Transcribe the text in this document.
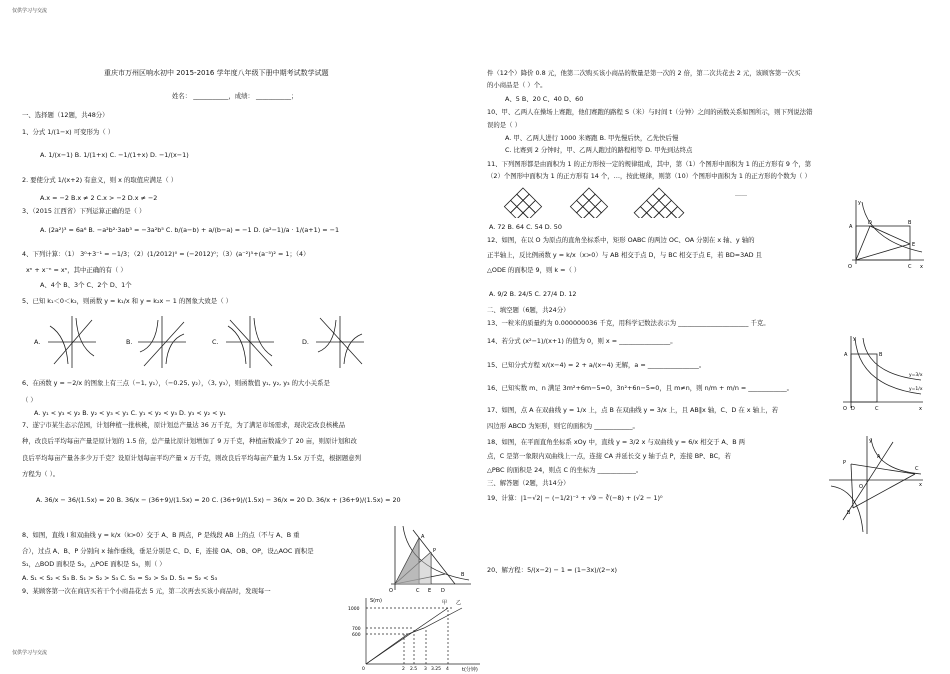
仅供学习与交流
仅供学习与交流
重庆市万州区响水初中 2015-2016 学年度八年级下册中期考试数学试题
姓名： ___________，成绩： ___________；
一、选择题（12题，共48分）
1、分式 1/(1−x) 可变形为（ ）
A. 1/(x−1) B. 1/(1+x) C. −1/(1+x) D. −1/(x−1)
2. 要使分式 1/(x+2) 有意义，则 x 的取值应满足（ ）
A.x = −2 B.x ≠ 2 C.x > −2 D.x ≠ −2
3、（2015 江西省）下列运算正确的是（ ）
A. (2a²)³ = 6a⁶ B. −a²b²·3ab³ = −3a²b⁵ C. b/(a−b) + a/(b−a) = −1 D. (a²−1)/a · 1/(a+1) = −1
4、下列计算：（1） 3⁰+3⁻¹ = −1/3；（2）(1/2012)⁰ = (−2012)⁰；（3）(a⁻²)⁵+(a⁻⁵)² = 1；（4）
xⁿ + x⁻ⁿ = xⁿ，其中正确的有（ ）
A、4个 B、3个 C、2个 D、1个
5、已知 k₁＜0＜k₂，则函数 y = k₁/x 和 y = k₂x − 1 的图象大致是（ ）
A.	B.	C.	D.
6、在函数 y = −2/x 的图象上有三点（−1, y₁），（−0.25, y₂），（3, y₃），则函数值 y₁, y₂, y₃ 的大小关系是
（ ）
A. y₁ < y₃ < y₂ B. y₂ < y₃ < y₁ C. y₁ < y₂ < y₃ D. y₃ < y₂ < y₁
7、遂宁市某生态示范园，计划种植一批核桃，原计划总产量达 36 万千克，为了满足市场需求，现决定改良核桃品
种，改良后平均每亩产量是原计划的 1.5 倍，总产量比原计划增加了 9 万千克，种植亩数减少了 20 亩，则原计划和改
良后平均每亩产量各多少万千克？设原计划每亩平均产量 x 万千克，则改良后平均每亩产量为 1.5x 万千克，根据题意列
方程为（ ）。
A. 36/x − 36/(1.5x) = 20 B. 36/x − (36+9)/(1.5x) = 20 C. (36+9)/(1.5x) − 36/x = 20 D. 36/x + (36+9)/(1.5x) = 20
8、如图，直线 l 和双曲线 y = k/x（k>0）交于 A、B 两点，P 是线段 AB 上的点（不与 A、B 重
合），过点 A、B、P 分别向 x 轴作垂线，垂足分别是 C、D、E，连接 OA、OB、OP，设△AOC 面积是
S₁，△BOD 面积是 S₂，△POE 面积是 S₃，则（ ）
A. S₁ < S₂ < S₃ B. S₁ > S₂ > S₃ C. S₁ = S₂ > S₃ D. S₁ = S₂ < S₃
9、某顾客第一次在商店买若干个小商品花去 5 元，第二次再去买该小商品时，发现每一	C E D
O
A
B
P
S(m)
t(分钟)
1000
700
600
0	2 2.5 3 3.25 4
甲 乙
件（12个）降价 0.8 元，他第二次购买该小商品的数量是第一次的 2 倍，第二次共花去 2 元，该顾客第一次买
的小商品是（ ）个。
A、5 B、20 C、40 D、60
10、甲、乙两人在操场上赛跑，他们赛跑的路程 S（米）与时间 t（分钟）之间的函数关系如图所示，则下列说法错
误的是（ ）
A. 甲、乙两人进行 1000 米赛跑 B. 甲先慢后快，乙先快后慢
C. 比赛到 2 分钟时，甲、乙两人跑过的路程相等 D. 甲先到达终点
11、下列图形都是由面积为 1 的正方形按一定的规律组成，其中，第（1）个图形中面积为 1 的正方形有 9 个，第
（2）个图形中面积为 1 的正方形有 14 个，…，按此规律，则第（10）个图形中面积为 1 的正方形的个数为（ ）
……
A. 72 B. 64 C. 54 D. 50
12、如图，在以 O 为原点的直角坐标系中，矩形 OABC 的两边 OC、OA 分别在 x 轴、y 轴的
正半轴上，反比例函数 y = k/x（x>0）与 AB 相交于点 D，与 BC 相交于点 E，若 BD=3AD 且
△ODE 的面积是 9，则 k =（ ）
A. 9/2 B. 24/5 C. 27/4 D. 12
二、填空题（6题，共24分）
13、一粒米的质量约为 0.000000036 千克，用科学记数法表示为 ______________________ 千克。
14、若分式 (x²−1)/(x+1) 的值为 0，则 x = ________________。
15、已知分式方程 x/(x−4) = 2 + a/(x−4) 无解，a = ________________。
16、已知实数 m、n 满足 3m²+6m−5=0，3n²+6n−5=0，且 m≠n，则 n/m + m/n = ____________。
17、如图，点 A 在双曲线 y = 1/x 上，点 B 在双曲线 y = 3/x 上，且 AB∥x 轴，C、D 在 x 轴上，若
四边形 ABCD 为矩形，则它的面积为 ____________。
18、如图，在平面直角坐标系 xOy 中，直线 y = 3/2 x 与双曲线 y = 6/x 相交于 A、B 两
点，C 是第一象限内双曲线上一点，连接 CA 并延长交 y 轴于点 P，连接 BP、BC，若
△PBC 的面积是 24，则点 C 的坐标为 ____________。
三、解答题（2题，共14分）
19、计算：|1−√2| − (−1/2)⁻² + √9 − ∛(−8) + (√2 − 1)⁰
20、解方程：5/(x−2) − 1 = (1−3x)/(2−x)
y
A
D	B
E
O	C x
y
A	B
y=3/x
y=1/x
O D	C	x
y
P
A
O
C
B
x
